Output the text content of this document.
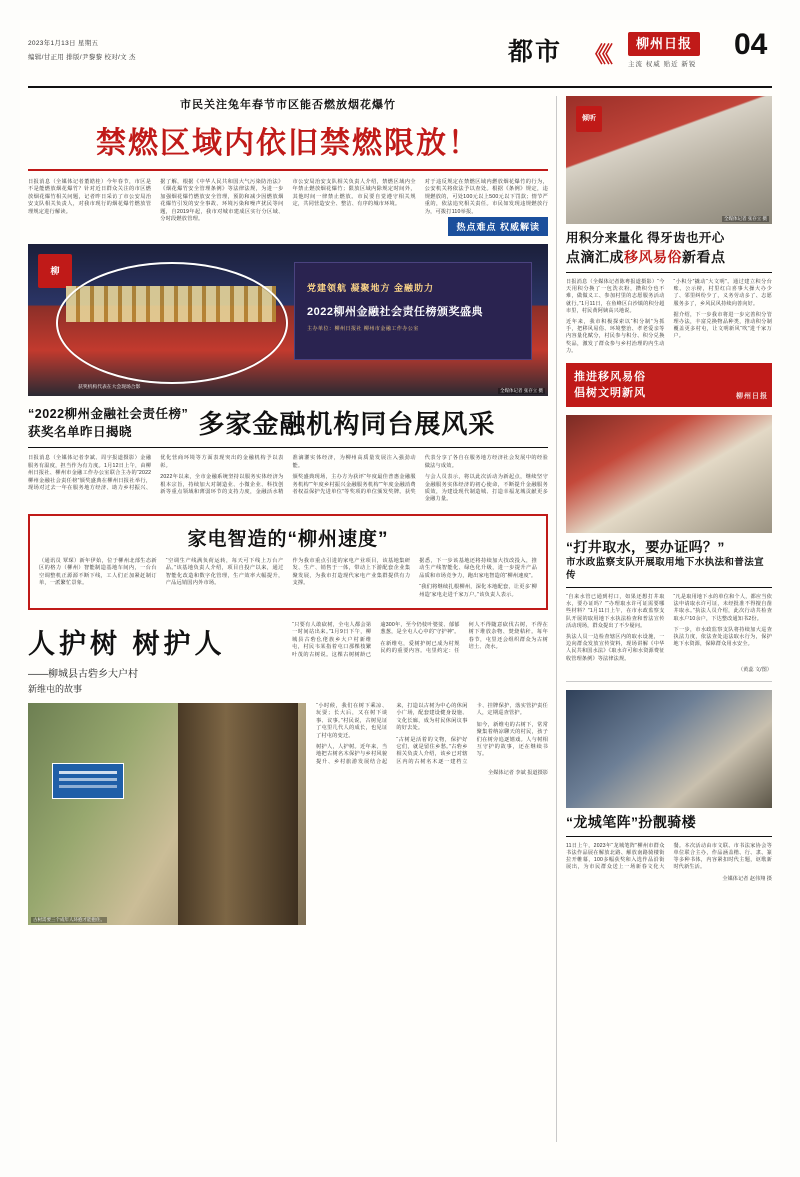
2023年1月13日 星期五
编辑/甘正用 排版/尹黎黎 校对/文 杰	都市 《《	柳州日报
主流 权威 贴近 新锐
04
市民关注兔年春节市区能否燃放烟花爆竹
禁燃区域内依旧禁燃限放！

日报消息（全媒体记者董皓桂）今年春节，市区是不是能燃放烟花爆竹？针对近日群众关注的市区燃放烟花爆竹相关问题，记者昨日采访了市公安局治安支队相关负责人，对我市现行的烟花爆竹燃放管理规定进行解读。

据了解，根据《中华人民共和国大气污染防治法》《烟花爆竹安全管理条例》等法律法规，为进一步加强烟花爆竹燃放安全管理，预防和减少因燃放烟花爆竹引发的安全事故、环境污染和噪声扰民等问题，自2019年起，我市对城市建成区实行分区域、分时段燃放管理。

市公安局治安支队相关负责人介绍，禁燃区域内全年禁止燃放烟花爆竹；限放区域内除规定时间外，其他时间一律禁止燃放。市民要自觉遵守相关规定，共同营造安全、整洁、有序的城市环境。

对于违反规定在禁燃区域内燃放烟花爆竹的行为，公安机关将依法予以查处。根据《条例》规定，违规燃放的，可处100元以上500元以下罚款；情节严重的，依法追究相关责任。市民如发现违规燃放行为，可拨打110举报。

热点难点 权威解读
柳
党建领航 凝聚地方 金融助力
2022柳州金融社会责任榜颁奖盛典
主办单位：柳州日报社 柳州市金融工作办公室
获奖机构代表在大会现场合影
全媒体记者 张存立 摄
“2022柳州金融社会责任榜”
获奖名单昨日揭晓	多家金融机构同台展风采

日报消息（全媒体记者李斌、周宇报道摄影）金融服务有温度，担当作为有力度。1月12日上午，由柳州日报社、柳州市金融工作办公室联合主办的“2022柳州金融社会责任榜”颁奖盛典在柳州日报社举行，现场对过去一年在服务地方经济、助力乡村振兴、优化营商环境等方面表现突出的金融机构予以表彰。

2022年以来，全市金融系统坚持以服务实体经济为根本宗旨，持续加大对制造业、小微企业、科技创新等重点领域和薄弱环节的支持力度，金融活水精准滴灌实体经济，为柳州高质量发展注入强劲动能。

颁奖盛典现场，主办方为获评“年度最佳普惠金融服务机构”“年度乡村振兴金融服务机构”“年度金融消费者权益保护先进单位”等奖项的单位颁发奖牌。获奖代表分享了各自在服务地方经济社会发展中的经验做法与成效。

与会人员表示，将以此次活动为新起点，继续坚守金融服务实体经济的初心使命，不断提升金融服务质效，为建设现代制造城、打造幸福龙城贡献更多金融力量。

家电智造的“柳州速度”

（通讯员 覃琛）新年伊始，位于柳州北部生态新区的格力（柳州）智能制造基地车间内，一台台空调整机正源源不断下线，工人们正加紧赶制订单，一派繁忙景象。

“空调生产线满负荷运转，每天可下线上万台产品。”该基地负责人介绍，项目自投产以来，通过智能化改造和数字化管理，生产效率大幅提升，产品远销国内外市场。

作为我市重点引进的家电产业项目，该基地集研发、生产、销售于一体，带动上下游配套企业集聚发展，为我市打造现代家电产业集群提供有力支撑。

据悉，下一步该基地还将持续加大技改投入，推动生产线智能化、绿色化升级，进一步提升产品品质和市场竞争力，跑出家电智造的“柳州速度”。

“我们将继续扎根柳州，深化本地配套，让更多‘柳州造’家电走进千家万户。”该负责人表示。

人护树 树护人
——柳城县古砦乡大户村
新维屯的故事

“只要有人敢砍树，全屯人都会第一时间站出来。”1月9日下午，柳城县古砦仫佬族乡大户村新维屯，村民韦某指着屯口那棵枝繁叶茂的古树说。这棵古树树龄已逾300年，至今仍枝叶婆娑、郁郁葱葱，是全屯人心中的“守护神”。

在新维屯，爱树护树已成为村规民约的重要内容。屯里约定：任何人不得随意砍伐古树，不得在树下堆放杂物、焚烧秸秆。每年春节，屯里还会组织群众为古树培土、浇水。

古树需要三个成年人环抱才能抱住。

“小时候，我们在树下乘凉、玩耍；长大后，又在树下谈事、议事。”村民说，古树见证了屯里几代人的成长，也见证了村屯的变迁。

树护人，人护树。近年来，当地把古树名木保护与乡村风貌提升、乡村旅游发展结合起来，打造以古树为中心的休闲小广场，配套建设健身设施、文化长廊，成为村民休闲议事的好去处。

“古树是活着的文物，保护好它们，就是留住乡愁。”古砦乡相关负责人介绍，该乡已对辖区内的古树名木逐一建档立卡、挂牌保护，落实管护责任人，定期巡查管护。

如今，新维屯的古树下，常常聚集着纳凉聊天的村民，孩子们在树旁追逐嬉戏。人与树相互守护的故事，还在继续书写。

全媒体记者 李斌 报道摄影
倾听
全媒体记者 张存立 摄
用积分来量化 得牙齿也开心
点滴汇成移风易俗新看点

日报消息（全媒体记者陈粤报道摄影）“今天用积分换了一包洗衣粉，攒积分也不难，做做义工、参加村里的志愿服务活动就行。”1月11日，在鱼峰区白沙镇的积分超市里，村民黄阿姨高兴地说。

近年来，我市积极探索以“积分制”为抓手，把移风易俗、环境整治、孝老爱亲等内容量化赋分，村民参与积分、积分兑换奖品，激发了群众参与乡村治理的内生动力。

“小积分”撬动“大文明”。通过建立积分台账、公示榜，村里红白喜事大操大办少了、邻里纠纷少了，义务劳动多了、志愿服务多了，乡风民风持续向善向好。

据介绍，下一步我市将进一步完善积分管理办法，丰富兑换物品种类，推动积分制覆盖更多村屯，让文明新风“吹”进千家万户。

推进移风易俗
倡树文明新风	柳州日报
“打井取水，要办证吗？”
市水政监察支队开展取用地下水执法和普法宣传

“自来水管已通到村口，如果还想打井取水，要办证吗？”“办理取水许可证需要哪些材料？”1月11日上午，在市水政监察支队开展的取用地下水执法检查和普法宣传活动现场，群众提出了不少疑问。

执法人员一边检查辖区内的取水设施，一边向群众发放宣传资料，现场讲解《中华人民共和国水法》《取水许可和水资源费征收管理条例》等法律法规。

“凡是取用地下水的单位和个人，都应当依法申请取水许可证，未经批准不得擅自凿井取水。”执法人员介绍，此次行动共检查取水户10余户，下达整改通知书2份。

下一步，市水政监察支队将持续加大巡查执法力度，依法查处违法取水行为，保护地下水资源，保障群众用水安全。

（黄蕊 文/图）
“龙城笔阵”扮靓骑楼

11日上午，2023年“龙城笔阵”柳州市群众书法作品展在解放北路、解放南路骑楼街拉开帷幕，100多幅获奖和入选作品沿街展出，为市民群众送上一场新春文化大餐。本次活动由市文联、市书法家协会等单位联合主办，作品涵盖楷、行、隶、篆等多种书体，内容紧扣时代主题，讴歌新时代新生活。

全媒体记者 赵伟翔 摄
